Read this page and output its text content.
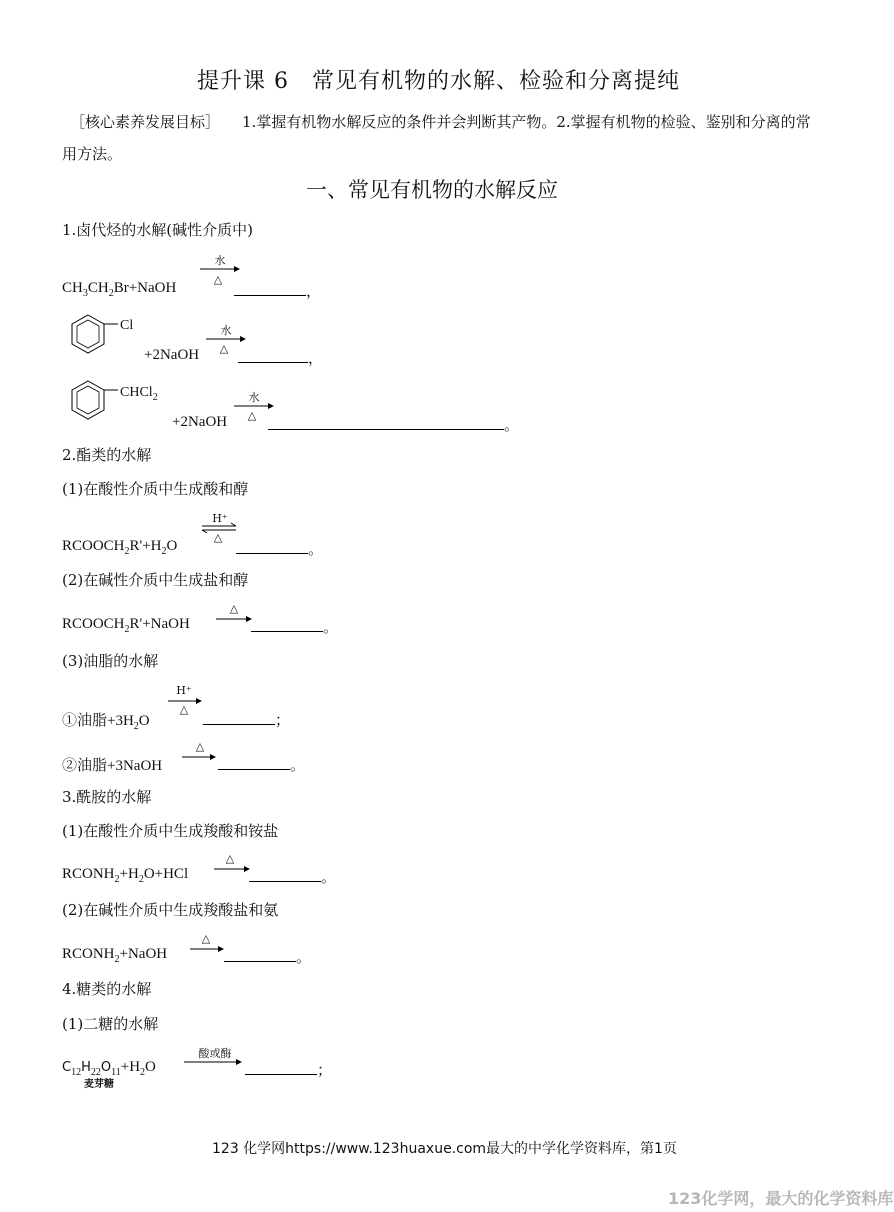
提升课 6　常见有机物的水解、检验和分离提纯
［核心素养发展目标］ 1.掌握有机物水解反应的条件并会判断其产物。2.掌握有机物的检验、鉴别和分离的常
用方法。
一、常见有机物的水解反应
1.卤代烃的水解(碱性介质中)
水
△
$CH_3CH_2Br+NaOH$	，
Cl	水
△
+2NaOH	，
CHCl$_2$	水
△
+2NaOH	。
2.酯类的水解
(1)在酸性介质中生成酸和醇
H⁺
△
$RCOOCH_2R'+H_2O$	。
(2)在碱性介质中生成盐和醇
△
$RCOOCH_2R'+NaOH$	。
(3)油脂的水解
H⁺
△
①油脂$+3H_2O$	；
△
②油脂+3NaOH	。
3.酰胺的水解
(1)在酸性介质中生成羧酸和铵盐
△
$RCONH_2+H_2O+HCl$	。
(2)在碱性介质中生成羧酸盐和氨
△
$RCONH_2+NaOH$	。
4.糖类的水解
(1)二糖的水解
酸或酶
$C_{12}H_{22}O_{11}+H_2O$
麦芽糖
；
123 化学网https://www.123huaxue.com最大的中学化学资料库，第1页
123化学网，最大的化学资料库
